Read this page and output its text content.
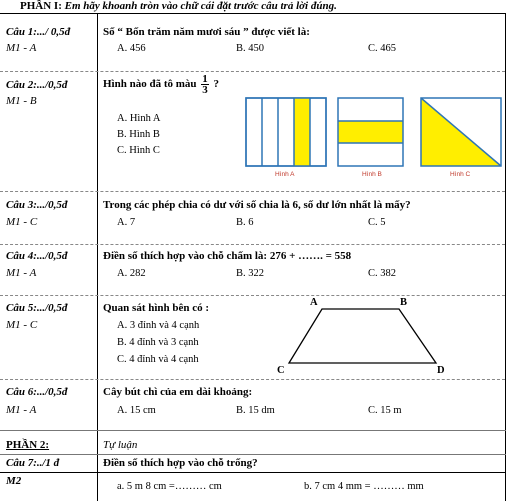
PHẦN I: Em hãy khoanh tròn vào chữ cái đặt trước câu trả lời đúng.
Câu 1:.../ 0,5đ
M1 - A
Số “ Bốn trăm năm mươi sáu ” được viết là:
A. 456	B. 450	C. 465
Câu 2:.../0,5đ
M1 - B
Hình nào đã tô màu $\frac{1}{3}$ ?
A. Hình A
B. Hình B
C. Hình C
Hình A	Hình B	Hình C
Câu 3:.../0,5đ
M1 - C
Trong các phép chia có dư với số chia là 6, số dư lớn nhất là mấy?
A. 7	B. 6	C. 5
Câu 4:.../0,5đ
M1 - A
Điền số thích hợp vào chỗ chấm là: 276 + ……. = 558
A. 282	B. 322	C. 382
Câu 5:.../0,5đ
M1 - C
Quan sát hình bên có :
A. 3 đỉnh và 4 cạnh
B. 4 đỉnh và 3 cạnh
C. 4 đỉnh và 4 cạnh
A	B
C	D
Câu 6:.../0,5đ
M1 - A
Cây bút chì của em dài khoảng:
A. 15 cm	B. 15 dm	C. 15 m
PHẦN 2:	Tự luận
Câu 7:../1 đ	Điền số thích hợp vào chỗ trống?
M2	a. 5 m 8 cm =……… cm	b. 7 cm 4 mm = ……… mm
